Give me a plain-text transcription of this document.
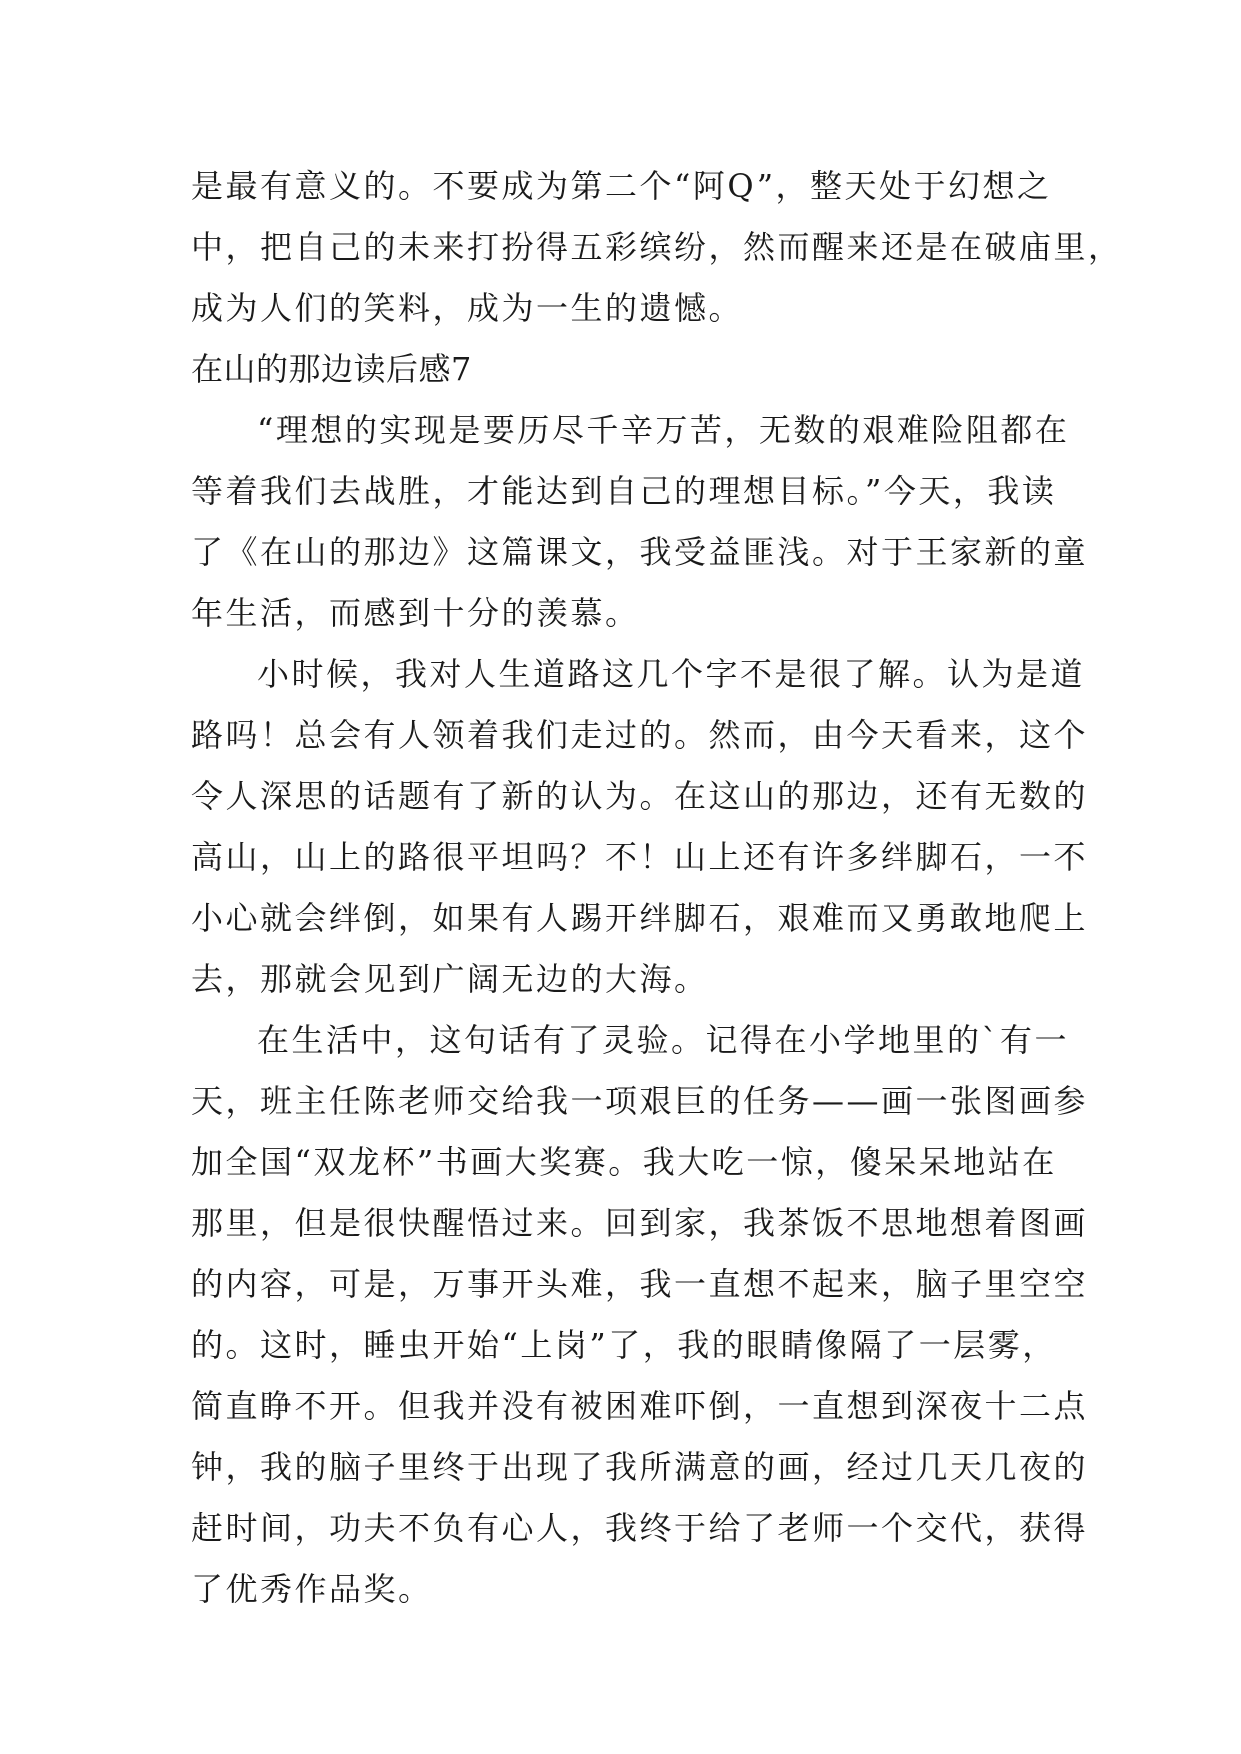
是最有意义的。不要成为第二个“阿Q”，整天处于幻想之
中，把自己的未来打扮得五彩缤纷，然而醒来还是在破庙里，
成为人们的笑料，成为一生的遗憾。
在山的那边读后感7
“理想的实现是要历尽千辛万苦，无数的艰难险阻都在
等着我们去战胜，才能达到自己的理想目标。”今天，我读
了《在山的那边》这篇课文，我受益匪浅。对于王家新的童
年生活，而感到十分的羡慕。
小时候，我对人生道路这几个字不是很了解。认为是道
路吗！总会有人领着我们走过的。然而，由今天看来，这个
令人深思的话题有了新的认为。在这山的那边，还有无数的
高山，山上的路很平坦吗？不！山上还有许多绊脚石，一不
小心就会绊倒，如果有人踢开绊脚石，艰难而又勇敢地爬上
去，那就会见到广阔无边的大海。
在生活中，这句话有了灵验。记得在小学地里的`有一
天，班主任陈老师交给我一项艰巨的任务——画一张图画参
加全国“双龙杯”书画大奖赛。我大吃一惊，傻呆呆地站在
那里，但是很快醒悟过来。回到家，我茶饭不思地想着图画
的内容，可是，万事开头难，我一直想不起来，脑子里空空
的。这时，睡虫开始“上岗”了，我的眼睛像隔了一层雾，
简直睁不开。但我并没有被困难吓倒，一直想到深夜十二点
钟，我的脑子里终于出现了我所满意的画，经过几天几夜的
赶时间，功夫不负有心人，我终于给了老师一个交代，获得
了优秀作品奖。
